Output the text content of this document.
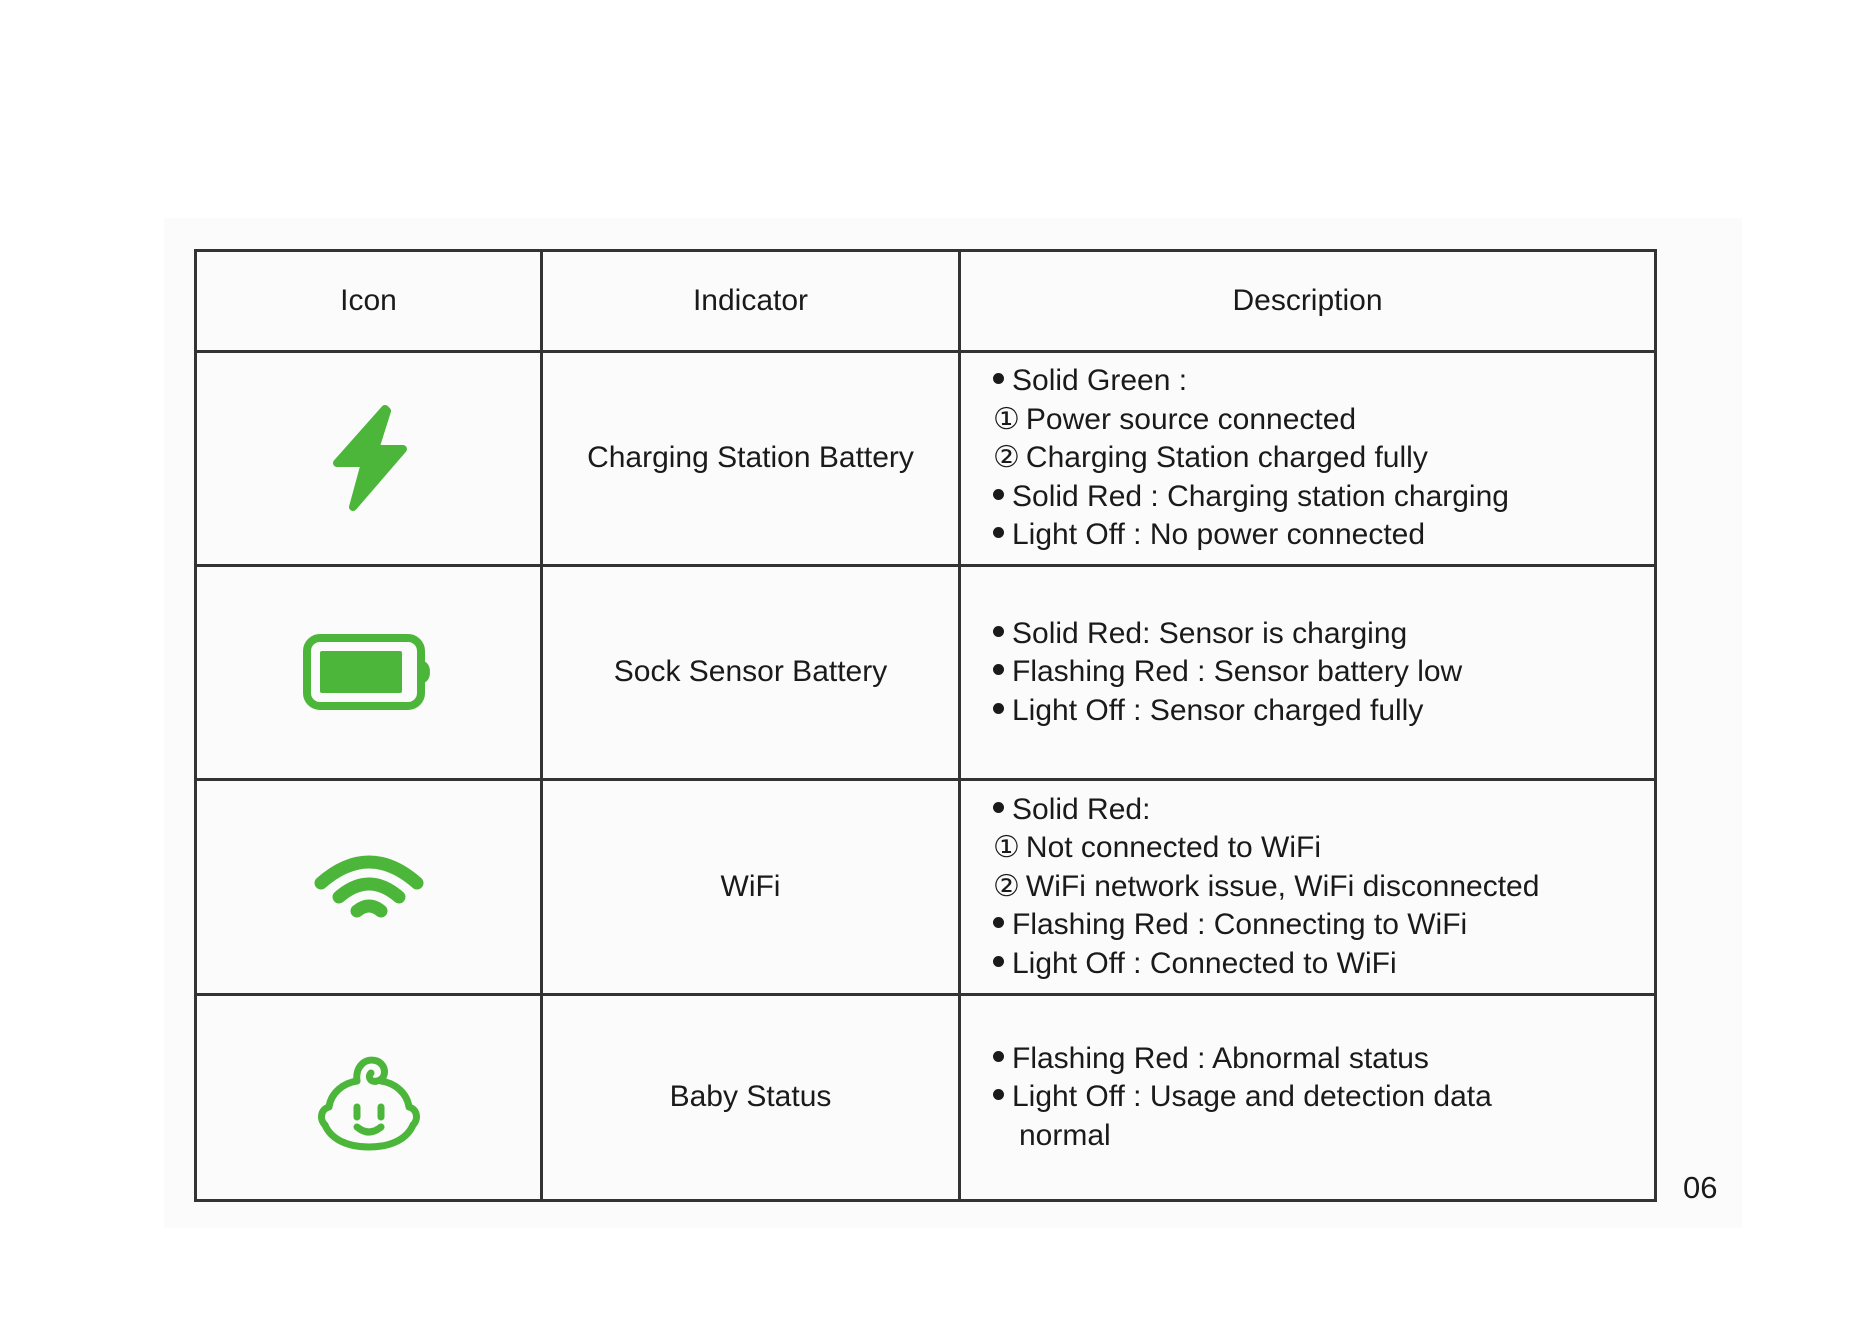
Icon	Indicator	Description
	Charging Station Battery	Solid Green :
① Power source connected
② Charging Station charged fully
Solid Red : Charging station charging
Light Off : No power connected

	Sock Sensor Battery	Solid Red: Sensor is charging
Flashing Red : Sensor battery low
Light Off : Sensor charged fully

	WiFi	Solid Red:
① Not connected to WiFi
② WiFi network issue, WiFi disconnected
Flashing Red : Connecting to WiFi
Light Off : Connected to WiFi

	Baby Status	Flashing Red : Abnormal status
Light Off : Usage and detection data
normal
06
